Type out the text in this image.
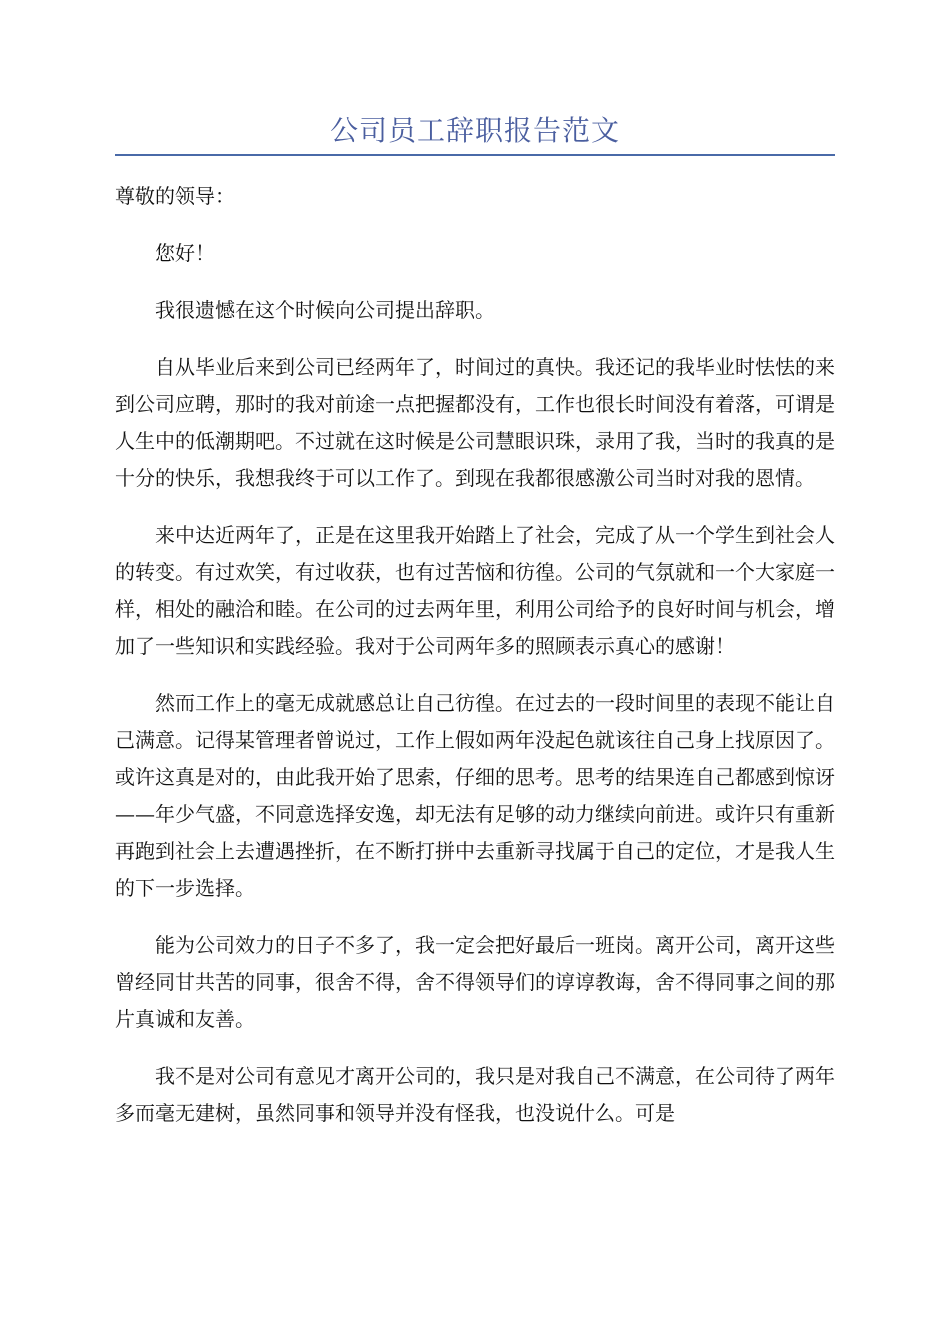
公司员工辞职报告范文
尊敬的领导：

您好！

我很遗憾在这个时候向公司提出辞职。

自从毕业后来到公司已经两年了，时间过的真快。我还记的我毕业时怯怯的来到公司应聘，那时的我对前途一点把握都没有，工作也很长时间没有着落，可谓是人生中的低潮期吧。不过就在这时候是公司慧眼识珠，录用了我，当时的我真的是十分的快乐，我想我终于可以工作了。到现在我都很感激公司当时对我的恩情。

来中达近两年了，正是在这里我开始踏上了社会，完成了从一个学生到社会人的转变。有过欢笑，有过收获，也有过苦恼和彷徨。公司的气氛就和一个大家庭一样，相处的融洽和睦。在公司的过去两年里，利用公司给予的良好时间与机会，增加了一些知识和实践经验。我对于公司两年多的照顾表示真心的感谢！

然而工作上的毫无成就感总让自己彷徨。在过去的一段时间里的表现不能让自己满意。记得某管理者曾说过，工作上假如两年没起色就该往自己身上找原因了。或许这真是对的，由此我开始了思索，仔细的思考。思考的结果连自己都感到惊讶——年少气盛，不同意选择安逸，却无法有足够的动力继续向前进。或许只有重新再跑到社会上去遭遇挫折，在不断打拼中去重新寻找属于自己的定位，才是我人生的下一步选择。

能为公司效力的日子不多了，我一定会把好最后一班岗。离开公司，离开这些曾经同甘共苦的同事，很舍不得，舍不得领导们的谆谆教诲，舍不得同事之间的那片真诚和友善。

我不是对公司有意见才离开公司的，我只是对我自己不满意，在公司待了两年多而毫无建树，虽然同事和领导并没有怪我，也没说什么。可是
